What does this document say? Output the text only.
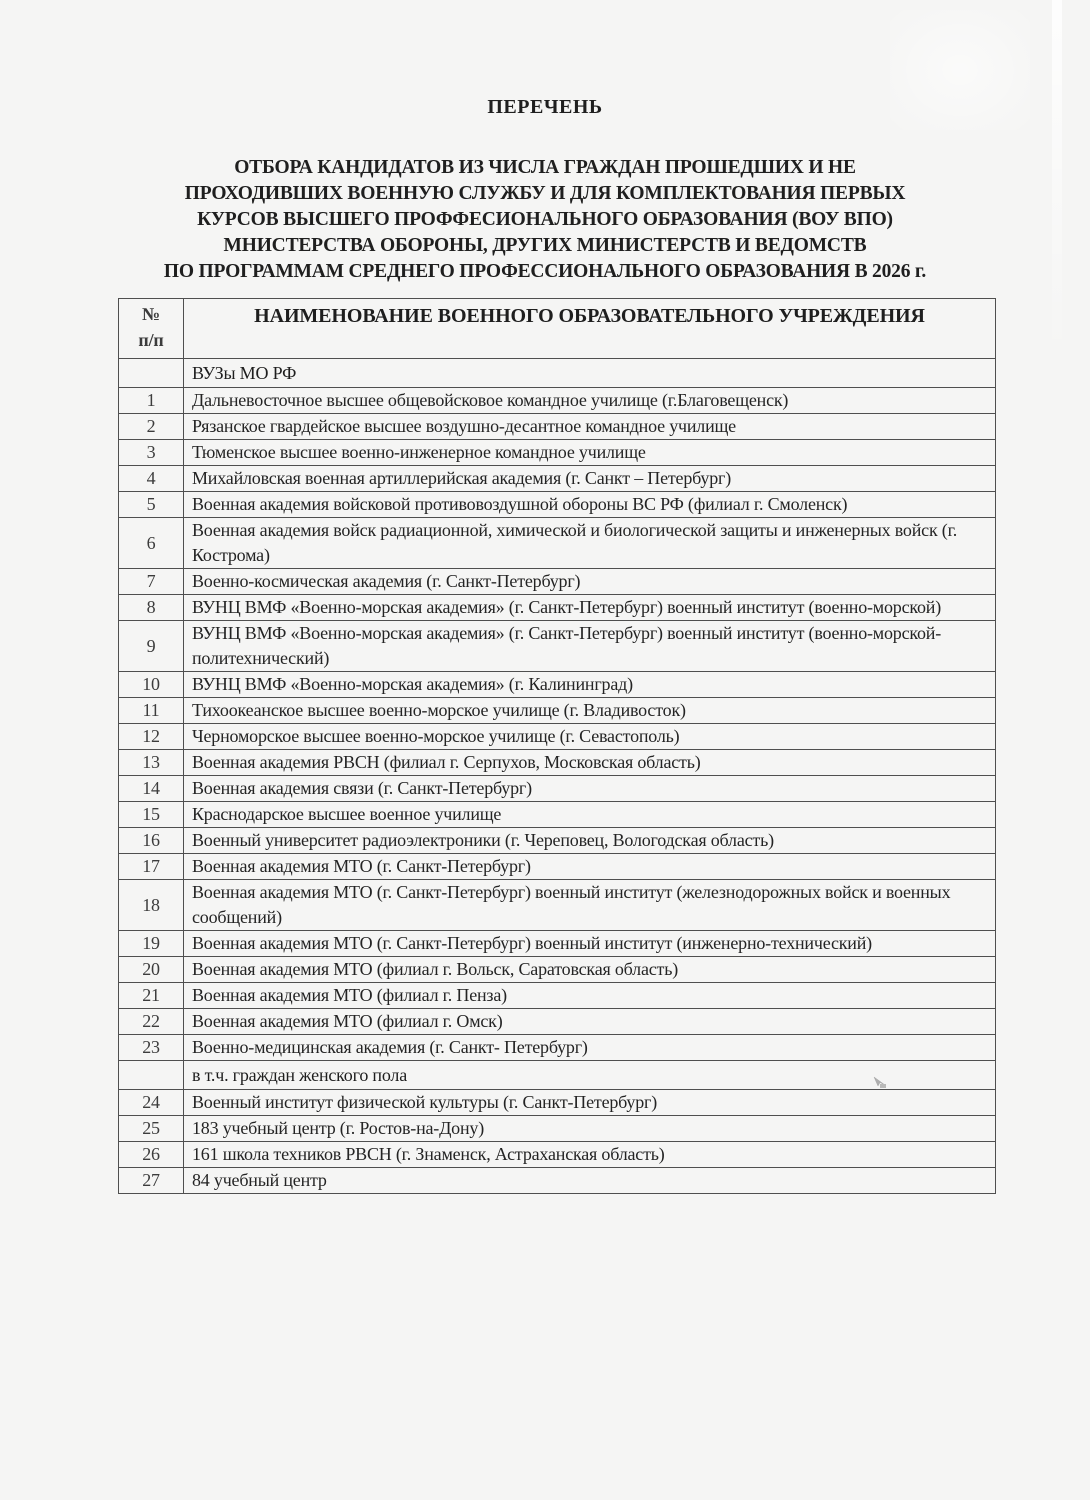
ПЕРЕЧЕНЬ
ОТБОРА КАНДИДАТОВ ИЗ ЧИСЛА ГРАЖДАН ПРОШЕДШИХ И НЕ
ПРОХОДИВШИХ ВОЕННУЮ СЛУЖБУ И ДЛЯ КОМПЛЕКТОВАНИЯ ПЕРВЫХ
КУРСОВ ВЫСШЕГО ПРОФФЕСИОНАЛЬНОГО ОБРАЗОВАНИЯ (ВОУ ВПО)
МНИСТЕРСТВА ОБОРОНЫ, ДРУГИХ МИНИСТЕРСТВ И ВЕДОМСТВ
ПО ПРОГРАММАМ СРЕДНЕГО ПРОФЕССИОНАЛЬНОГО ОБРАЗОВАНИЯ В 2026 г.
№
п/п	НАИМЕНОВАНИЕ ВОЕННОГО ОБРАЗОВАТЕЛЬНОГО УЧРЕЖДЕНИЯ
	ВУЗы МО РФ
1	Дальневосточное высшее общевойсковое командное училище (г.Благовещенск)
2	Рязанское гвардейское высшее воздушно-десантное командное училище
3	Тюменское высшее военно-инженерное командное училище
4	Михайловская военная артиллерийская академия (г. Санкт – Петербург)
5	Военная академия войсковой противовоздушной обороны ВС РФ (филиал г. Смоленск)
6	Военная академия войск радиационной, химической и биологической защиты и инженерных войск (г. Кострома)
7	Военно-космическая академия (г. Санкт-Петербург)
8	ВУНЦ ВМФ «Военно-морская академия» (г. Санкт-Петербург) военный институт (военно-морской)
9	ВУНЦ ВМФ «Военно-морская академия» (г. Санкт-Петербург) военный институт (военно-морской-политехнический)
10	ВУНЦ ВМФ «Военно-морская академия» (г. Калининград)
11	Тихоокеанское высшее военно-морское училище (г. Владивосток)
12	Черноморское высшее военно-морское училище (г. Севастополь)
13	Военная академия РВСН (филиал г. Серпухов, Московская область)
14	Военная академия связи (г. Санкт-Петербург)
15	Краснодарское высшее военное училище
16	Военный университет радиоэлектроники (г. Череповец, Вологодская область)
17	Военная академия МТО (г. Санкт-Петербург)
18	Военная академия МТО (г. Санкт-Петербург) военный институт (железнодорожных войск и военных сообщений)
19	Военная академия МТО (г. Санкт-Петербург) военный институт (инженерно-технический)
20	Военная академия МТО (филиал г. Вольск, Саратовская область)
21	Военная академия МТО (филиал г. Пенза)
22	Военная академия МТО (филиал г. Омск)
23	Военно-медицинская академия (г. Санкт- Петербург)
	в т.ч. граждан женского пола
24	Военный институт физической культуры (г. Санкт-Петербург)
25	183 учебный центр (г. Ростов-на-Дону)
26	161 школа техников РВСН (г. Знаменск, Астраханская область)
27	84 учебный центр
